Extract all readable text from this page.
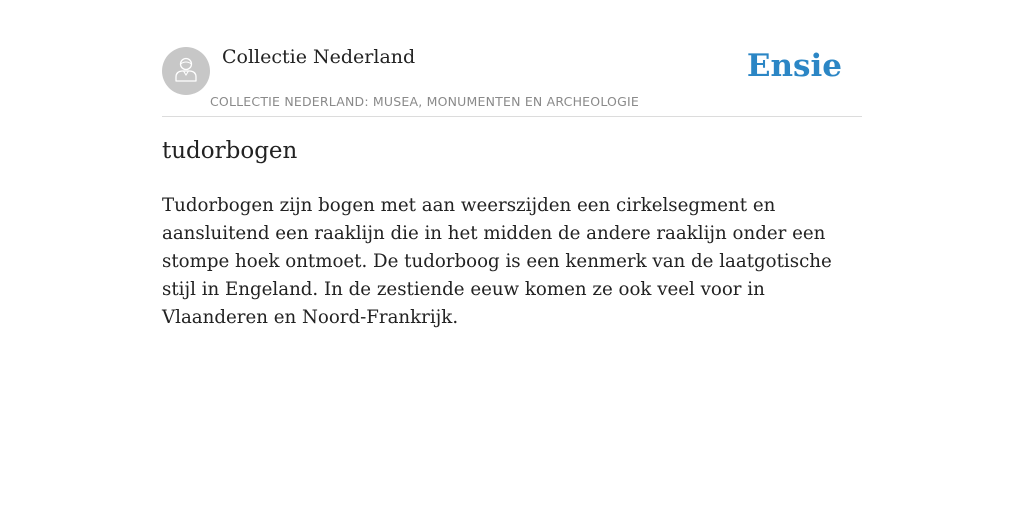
Collectie Nederland
COLLECTIE NEDERLAND: MUSEA, MONUMENTEN EN ARCHEOLOGIE
Ensie
tudorbogen

Tudorbogen zijn bogen met aan weerszijden een cirkelsegment en aansluitend een raaklijn die in het midden de andere raaklijn onder een stompe hoek ontmoet. De tudorboog is een kenmerk van de laatgotische stijl in Engeland. In de zestiende eeuw komen ze ook veel voor in Vlaanderen en Noord-Frankrijk.
